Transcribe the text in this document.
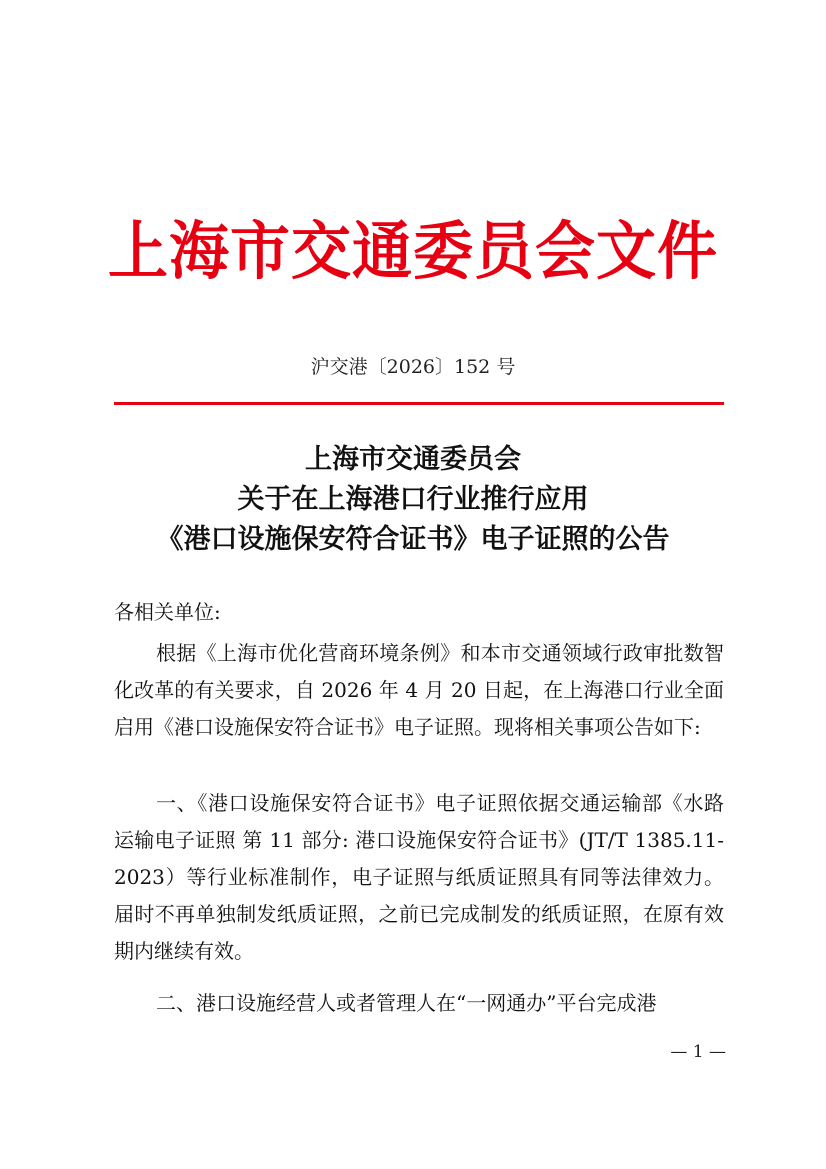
上海市交通委员会文件
沪交港〔2026〕152 号
上海市交通委员会
关于在上海港口行业推行应用
《港口设施保安符合证书》电子证照的公告
各相关单位:
根据《上海市优化营商环境条例》和本市交通领域行政审批数智化改革的有关要求，自 2026 年 4 月 20 日起，在上海港口行业全面启用《港口设施保安符合证书》电子证照。现将相关事项公告如下:
一、《港口设施保安符合证书》电子证照依据交通运输部《水路运输电子证照 第 11 部分: 港口设施保安符合证书》(JT/T 1385.11-2023）等行业标准制作，电子证照与纸质证照具有同等法律效力。届时不再单独制发纸质证照，之前已完成制发的纸质证照，在原有效期内继续有效。
二、港口设施经营人或者管理人在“一网通办”平台完成港
— 1 —
